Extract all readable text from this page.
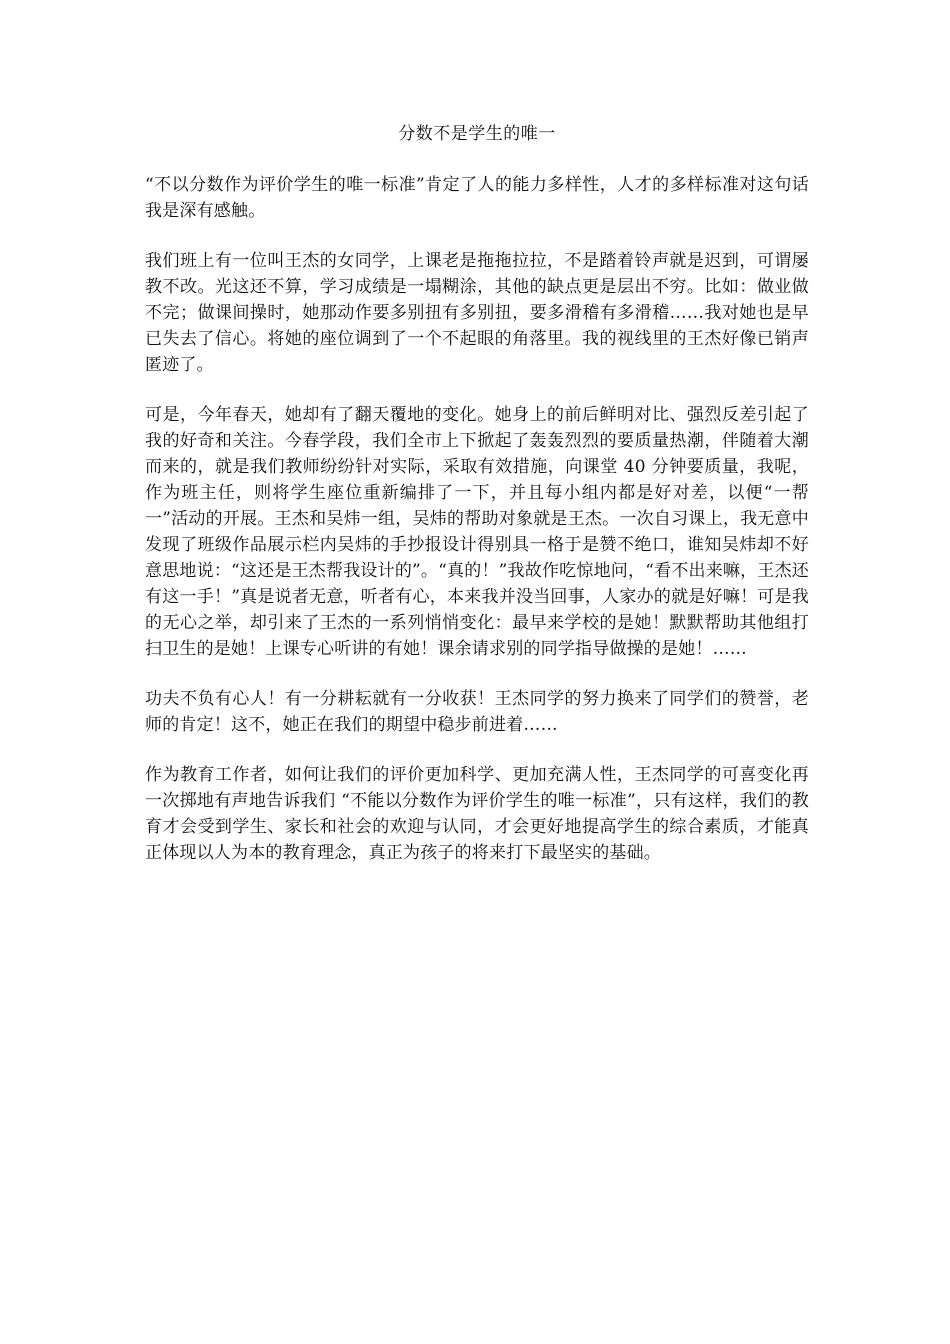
分数不是学生的唯一

“不以分数作为评价学生的唯一标准”肯定了人的能力多样性，人才的多样标准对这句话我是深有感触。

我们班上有一位叫王杰的女同学，上课老是拖拖拉拉，不是踏着铃声就是迟到，可谓屡教不改。光这还不算，学习成绩是一塌糊涂，其他的缺点更是层出不穷。比如：做业做不完；做课间操时，她那动作要多别扭有多别扭，要多滑稽有多滑稽……我对她也是早已失去了信心。将她的座位调到了一个不起眼的角落里。我的视线里的王杰好像已销声匿迹了。

可是，今年春天，她却有了翻天覆地的变化。她身上的前后鲜明对比、强烈反差引起了我的好奇和关注。今春学段，我们全市上下掀起了轰轰烈烈的要质量热潮，伴随着大潮而来的，就是我们教师纷纷针对实际，采取有效措施，向课堂 40 分钟要质量，我呢，作为班主任，则将学生座位重新编排了一下，并且每小组内都是好对差，以便“一帮一”活动的开展。王杰和吴炜一组，吴炜的帮助对象就是王杰。一次自习课上，我无意中发现了班级作品展示栏内吴炜的手抄报设计得别具一格于是赞不绝口，谁知吴炜却不好意思地说：“这还是王杰帮我设计的”。“真的！”我故作吃惊地问，“看不出来嘛，王杰还有这一手！”真是说者无意，听者有心，本来我并没当回事，人家办的就是好嘛！可是我的无心之举，却引来了王杰的一系列悄悄变化：最早来学校的是她！默默帮助其他组打扫卫生的是她！上课专心听讲的有她！课余请求别的同学指导做操的是她！……

功夫不负有心人！有一分耕耘就有一分收获！王杰同学的努力换来了同学们的赞誉，老师的肯定！这不，她正在我们的期望中稳步前进着……

作为教育工作者，如何让我们的评价更加科学、更加充满人性，王杰同学的可喜变化再一次掷地有声地告诉我们 “不能以分数作为评价学生的唯一标准”，只有这样，我们的教育才会受到学生、家长和社会的欢迎与认同，才会更好地提高学生的综合素质，才能真正体现以人为本的教育理念，真正为孩子的将来打下最坚实的基础。
